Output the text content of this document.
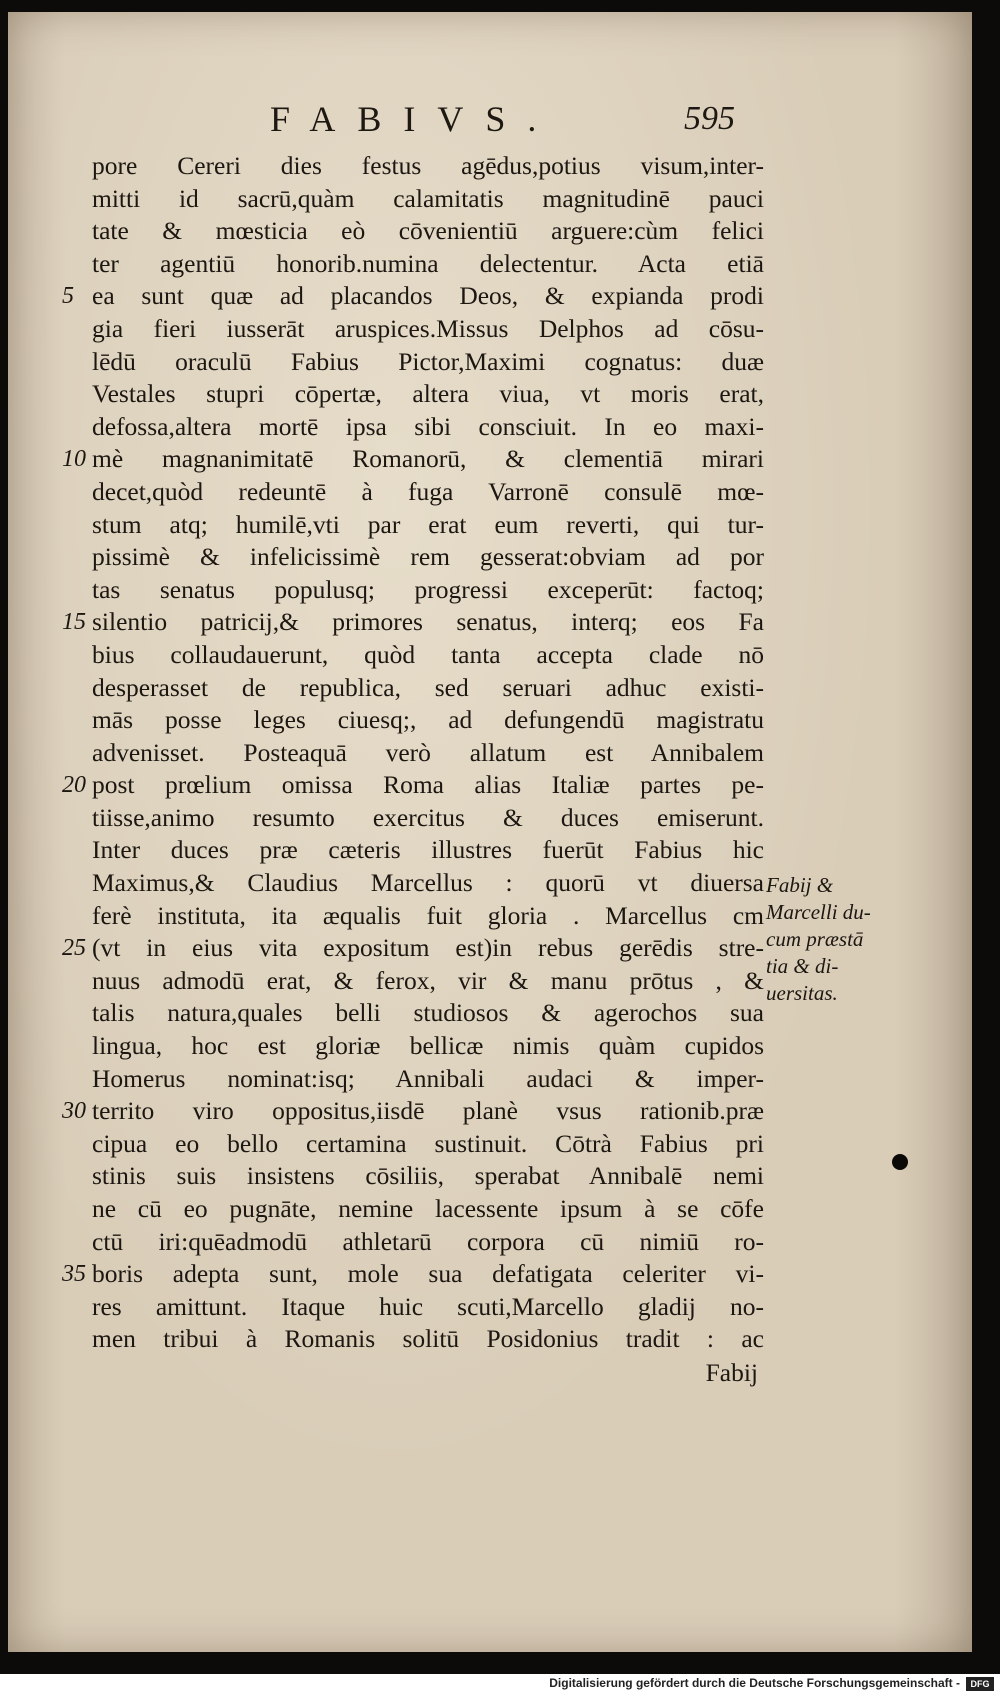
FABIVS.	595
pore Cereri dies festus agēdus,potius visum,inter-
mitti id sacrū,quàm calamitatis magnitudinē pauci
tate & mœsticia eò cōvenientiū arguere:cùm felici
ter agentiū honorib.numina delectentur. Acta etiā
ea sunt quæ ad placandos Deos, & expianda prodi
5
gia fieri iusserāt aruspices.Missus Delphos ad cōsu-
lēdū oraculū Fabius Pictor,Maximi cognatus: duæ
Vestales stupri cōpertæ, altera viua, vt moris erat,
defossa,altera mortē ipsa sibi consciuit. In eo maxi-
mè magnanimitatē Romanorū, & clementiā mirari
10
decet,quòd redeuntē à fuga Varronē consulē mœ-
stum atq; humilē,vti par erat eum reverti, qui tur-
pissimè & infelicissimè rem gesserat:obviam ad por
tas senatus populusq; progressi exceperūt: factoq;
silentio patricij,& primores senatus, interq; eos Fa
15
bius collaudauerunt, quòd tanta accepta clade nō
desperasset de republica, sed seruari adhuc existi-
mās posse leges ciuesq;, ad defungendū magistratu
advenisset. Posteaquā verò allatum est Annibalem
post prœlium omissa Roma alias Italiæ partes pe-
20
tiisse,animo resumto exercitus & duces emiserunt.
Inter duces præ cæteris illustres fuerūt Fabius hic
Maximus,& Claudius Marcellus : quorū vt diuersa
ferè instituta, ita æqualis fuit gloria . Marcellus cm
(vt in eius vita expositum est)in rebus gerēdis stre-
25
nuus admodū erat, & ferox, vir & manu prōtus , &
talis natura,quales belli studiosos & agerochos sua
lingua, hoc est gloriæ bellicæ nimis quàm cupidos
Homerus nominat:isq; Annibali audaci & imper-
territo viro oppositus,iisdē planè vsus rationib.præ
30
cipua eo bello certamina sustinuit. Cōtrà Fabius pri
stinis suis insistens cōsiliis, sperabat Annibalē nemi
ne cū eo pugnāte, nemine lacessente ipsum à se cōfe
ctū iri:quēadmodū athletarū corpora cū nimiū ro-
boris adepta sunt, mole sua defatigata celeriter vi-
35
res amittunt. Itaque huic scuti,Marcello gladij no-
men tribui à Romanis solitū Posidonius tradit : ac
Fabij
Fabij &
Marcelli du-
cum præstā
tia & di-
uersitas.
Digitalisierung gefördert durch die Deutsche Forschungsgemeinschaft -	DFG
